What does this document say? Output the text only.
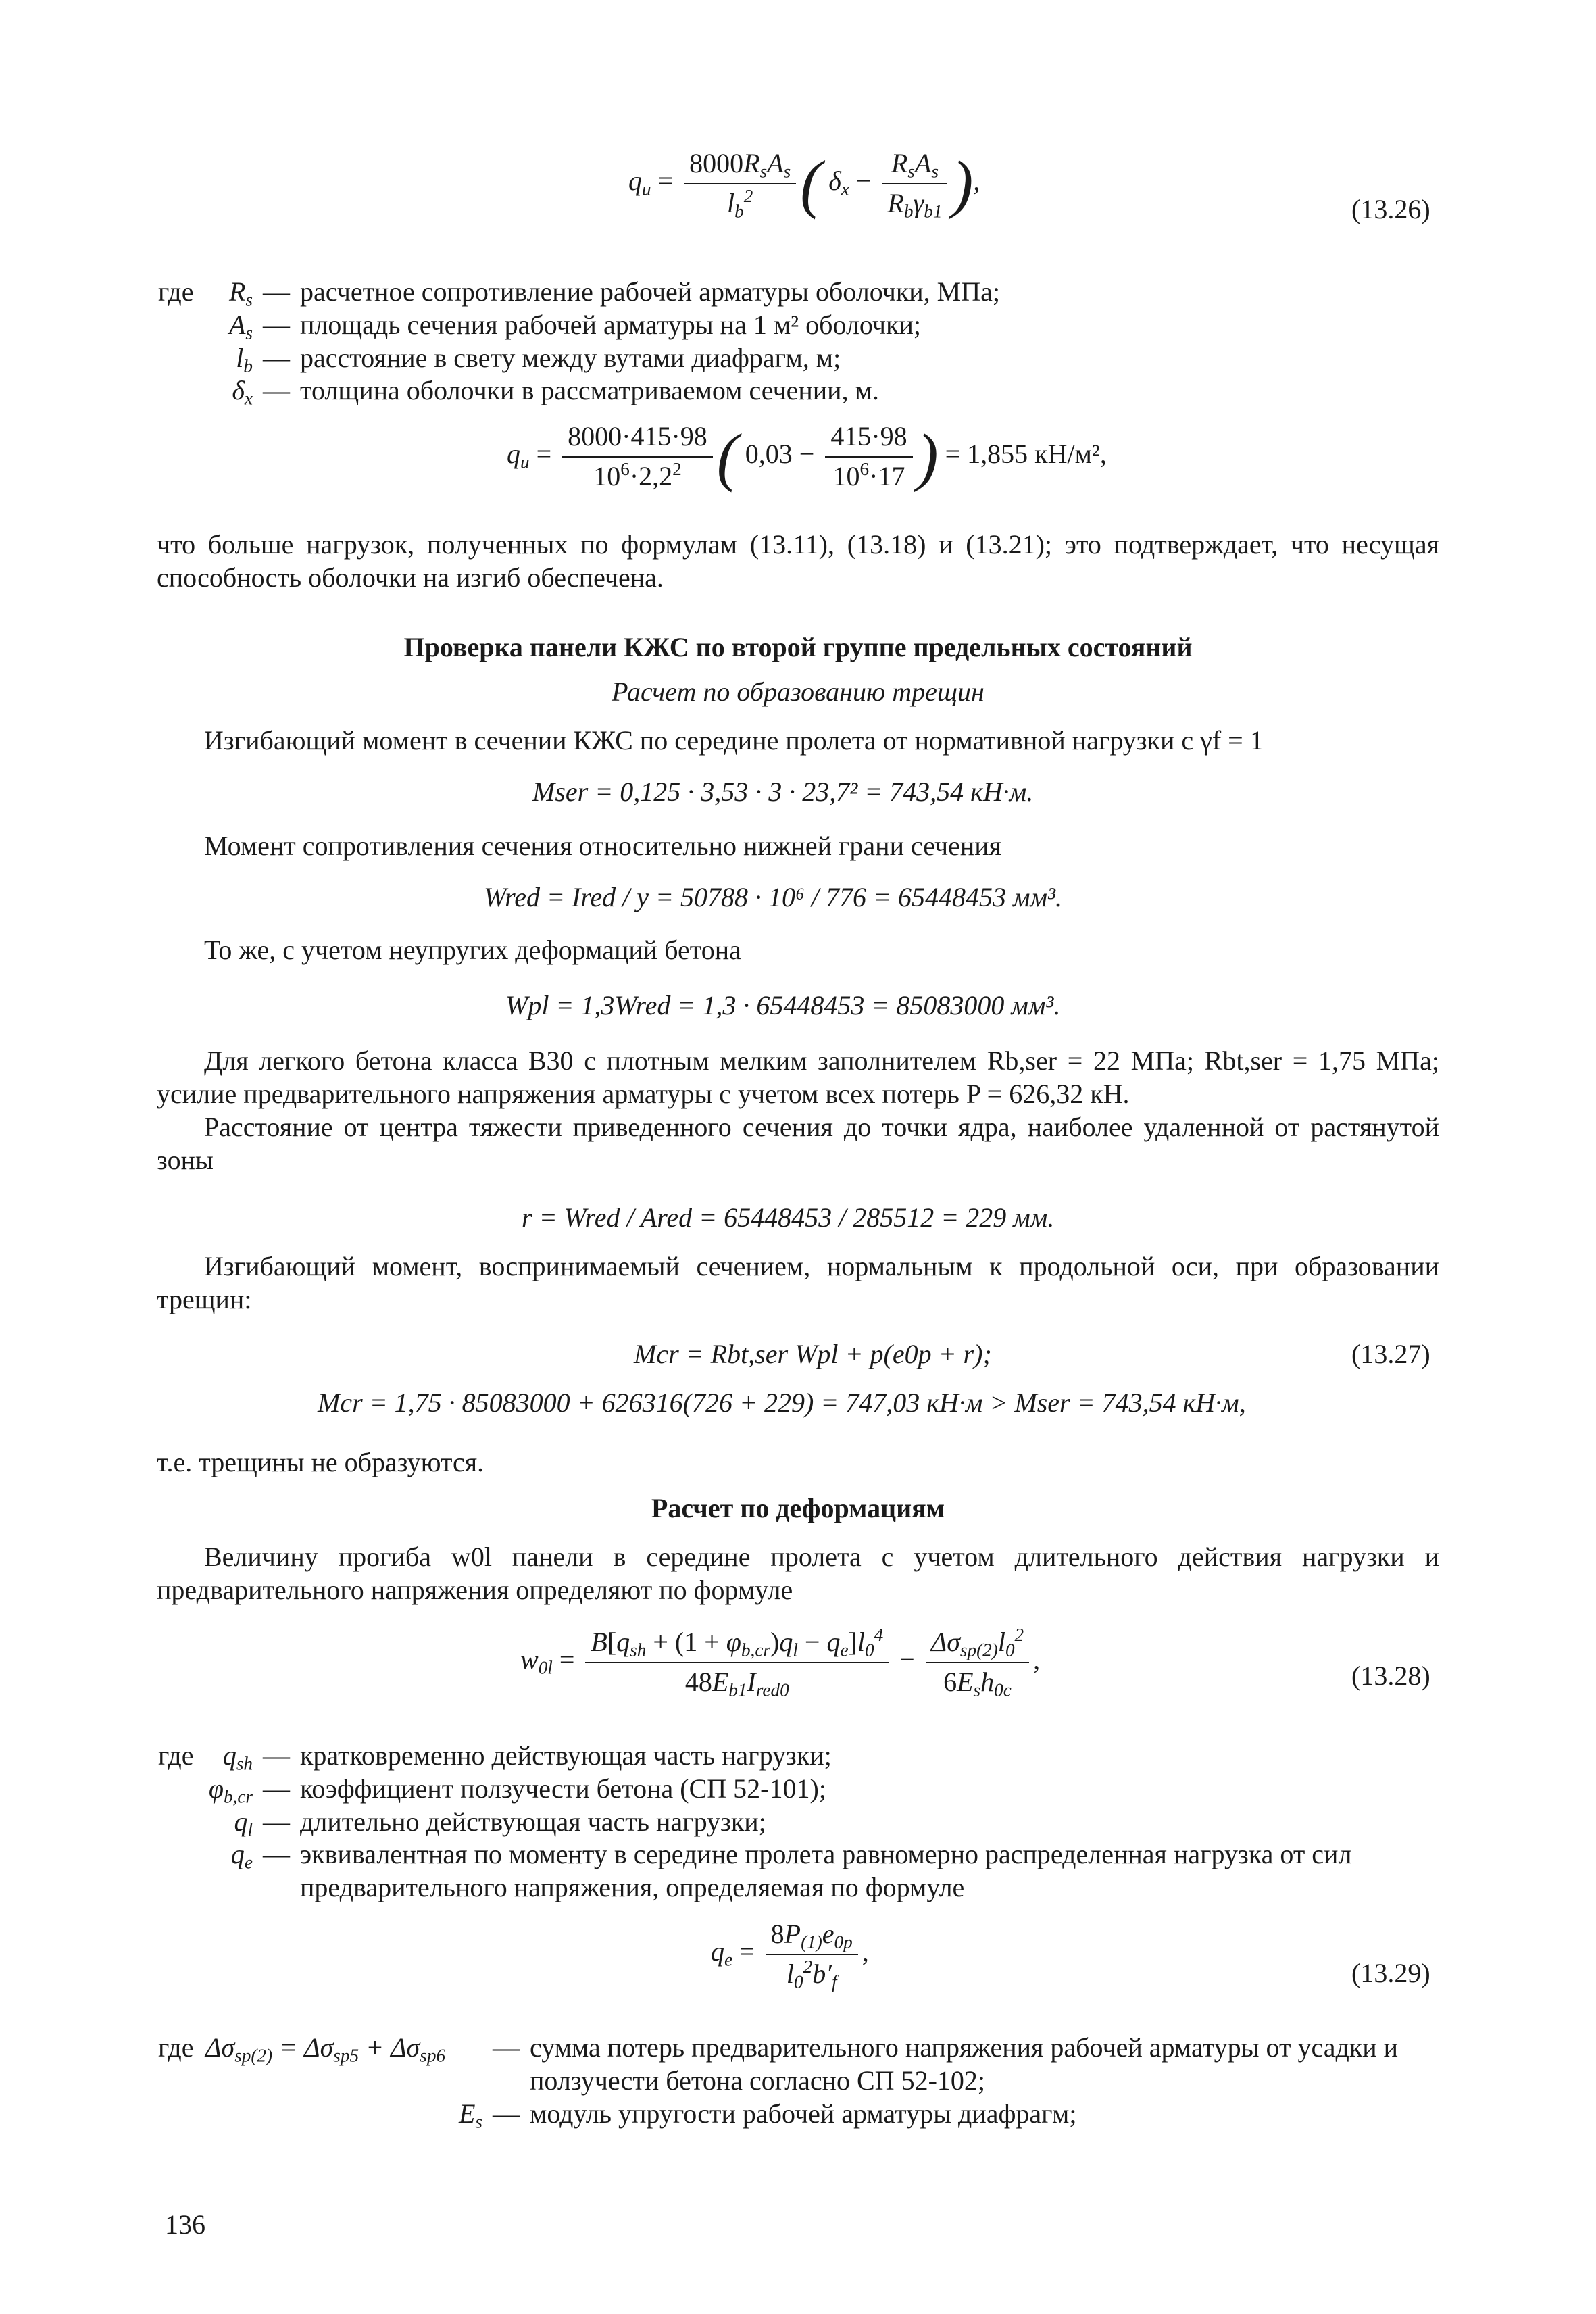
$q_u = \frac{8000R_sA_s}{l_b^2}$ ( $\delta_x - \frac{R_sA_s}{R_b\gamma_{b1}}$ ),
(13.26)
где	$R_s$ — расчетное сопротивление рабочей арматуры оболочки, МПа;
$A_s$ — площадь сечения рабочей арматуры на 1 м² оболочки;
$l_b$ — расстояние в свету между вутами диафрагм, м;
$\delta_x$ — толщина оболочки в рассматриваемом сечении, м.
$q_u = \frac{8000\cdot 415\cdot 98}{10^6\cdot 2,2^2}$ ( $0,03 - \frac{415\cdot 98}{10^6\cdot 17}$ ) = 1,855 кН/м²,
что больше нагрузок, полученных по формулам (13.11), (13.18) и (13.21); это подтверждает, что несущая способность оболочки на изгиб обеспечена.
Проверка панели КЖС по второй группе предельных состояний
Расчет по образованию трещин
Изгибающий момент в сечении КЖС по середине пролета от нормативной нагрузки с γf = 1
Mser = 0,125 · 3,53 · 3 · 23,7² = 743,54 кН·м.
Момент сопротивления сечения относительно нижней грани сечения
Wred = Ired / y = 50788 · 10⁶ / 776 = 65448453 мм³.
То же, с учетом неупругих деформаций бетона
Wpl = 1,3Wred = 1,3 · 65448453 = 85083000 мм³.
Для легкого бетона класса В30 с плотным мелким заполнителем Rb,ser = 22 МПа; Rbt,ser = 1,75 МПа; усилие предварительного напряжения арматуры с учетом всех потерь P = 626,32 кН.
Расстояние от центра тяжести приведенного сечения до точки ядра, наиболее удаленной от растянутой зоны
r = Wred / Ared = 65448453 / 285512 = 229 мм.
Изгибающий момент, воспринимаемый сечением, нормальным к продольной оси, при образовании трещин:
Mcr = Rbt,ser Wpl + p(e0p + r);	(13.27)
Mcr = 1,75 · 85083000 + 626316(726 + 229) = 747,03 кН·м > Mser = 743,54 кН·м,
т.е. трещины не образуются.
Расчет по деформациям
Величину прогиба w0l панели в середине пролета с учетом длительного действия нагрузки и предварительного напряжения определяют по формуле
$w_{0l} = \frac{B[q_{sh} + (1 + \varphi_{b,cr})q_l - q_e]l_0^4}{48E_{b1}I_{red0}} - \frac{\Delta\sigma_{sp(2)}l_0^2}{6E_sh_{0c}}$ ,
(13.28)
где	$q_{sh}$ — кратковременно действующая часть нагрузки;
$\varphi_{b,cr}$ — коэффициент ползучести бетона (СП 52-101);
$q_l$ — длительно действующая часть нагрузки;
$q_e$ — эквивалентная по моменту в середине пролета равномерно распределенная нагрузка от сил предварительного напряжения, определяемая по формуле
$q_e = \frac{8P_{(1)}e_{0p}}{l_0^2b'_f}$ ,
(13.29)
где $\Delta\sigma_{sp(2)} = \Delta\sigma_{sp5} + \Delta\sigma_{sp6}$	— сумма потерь предварительного напряжения рабочей арматуры от усадки и ползучести бетона согласно СП 52-102;
$E_s$ — модуль упругости рабочей арматуры диафрагм;
136
